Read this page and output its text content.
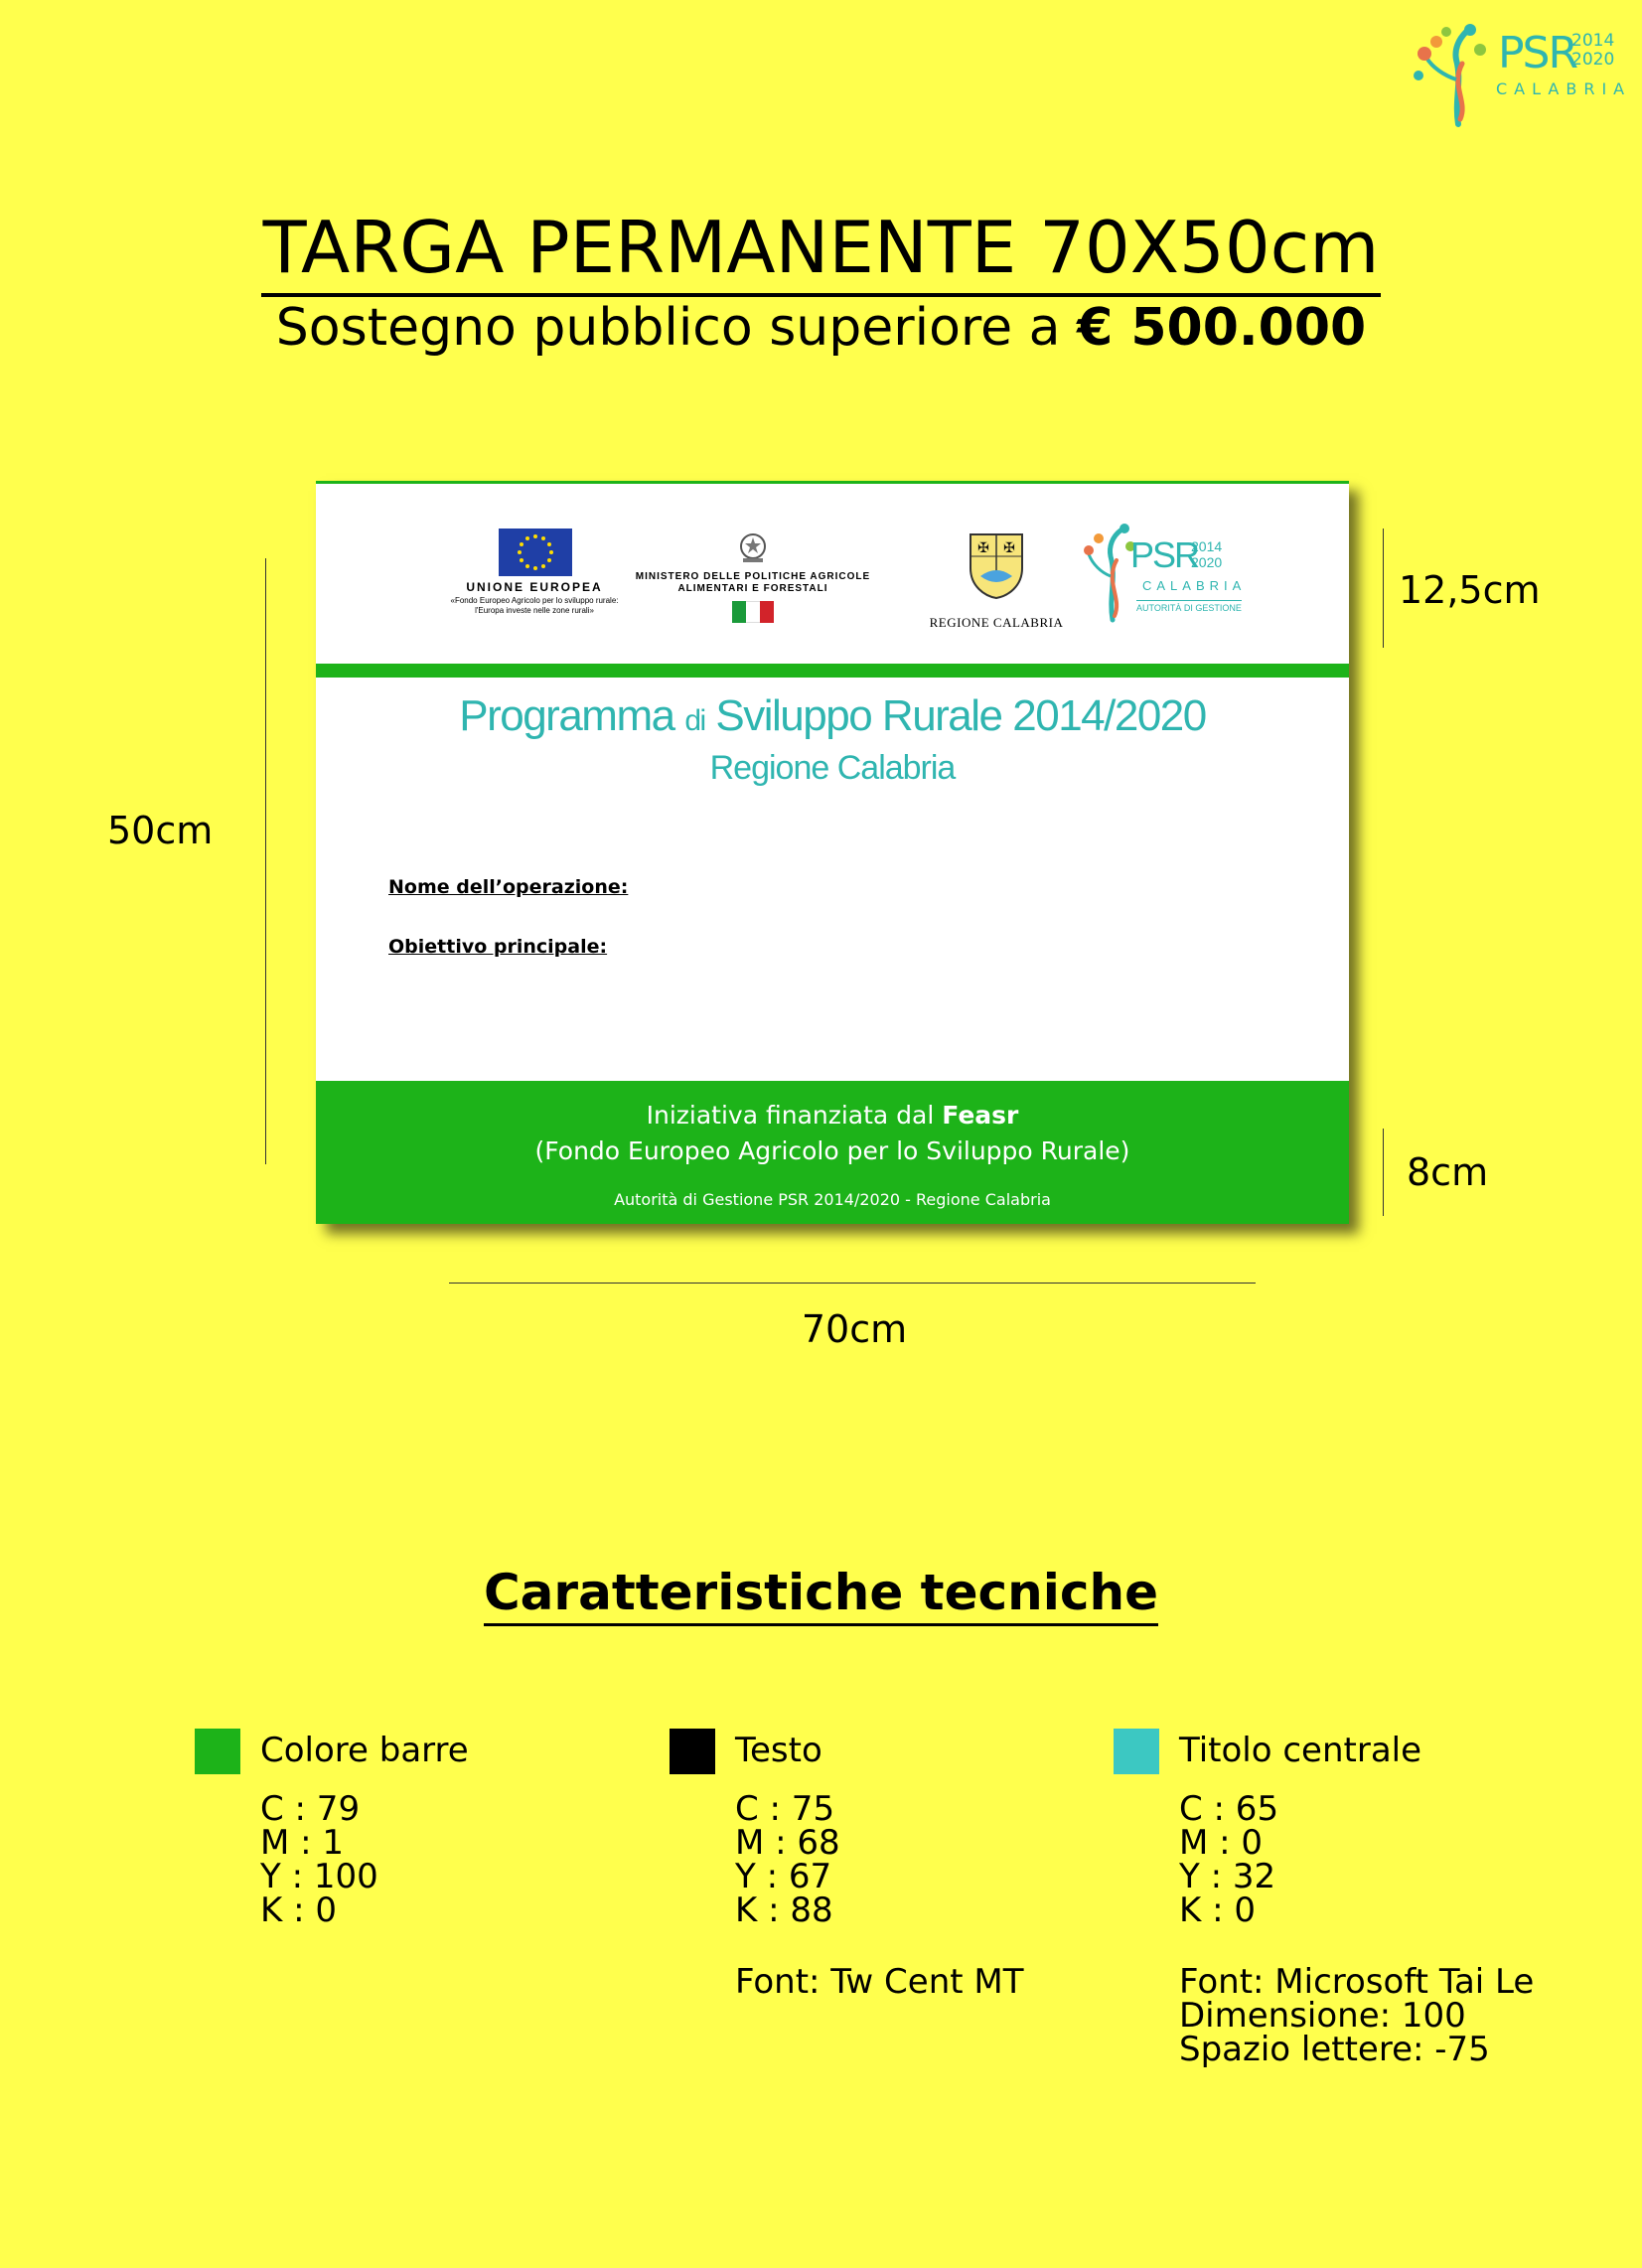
PSR
2014
2020
CALABRIA
TARGA PERMANENTE 70X50cm
Sostegno pubblico superiore a € 500.000
UNIONE EUROPEA
«Fondo Europeo Agricolo per lo sviluppo rurale:
l'Europa investe nelle zone rurali»
MINISTERO DELLE POLITICHE AGRICOLE
ALIMENTARI E FORESTALI
✠ ✠
REGIONE CALABRIA
PSR
2014
2020
CALABRIA
AUTORITÀ DI GESTIONE
Programma di Sviluppo Rurale 2014/2020
Regione Calabria
Nome dell’operazione:
Obiettivo principale:
Iniziativa finanziata dal Feasr
(Fondo Europeo Agricolo per lo Sviluppo Rurale)
Autorità di Gestione PSR 2014/2020 - Regione Calabria
50cm
12,5cm
8cm
70cm
Caratteristiche tecniche
Colore barre
C : 79
M : 1
Y : 100
K : 0
Testo
C : 75
M : 68
Y : 67
K : 88
Font: Tw Cent MT
Titolo centrale
C : 65
M : 0
Y : 32
K : 0
Font: Microsoft Tai Le
Dimensione: 100
Spazio lettere: -75
